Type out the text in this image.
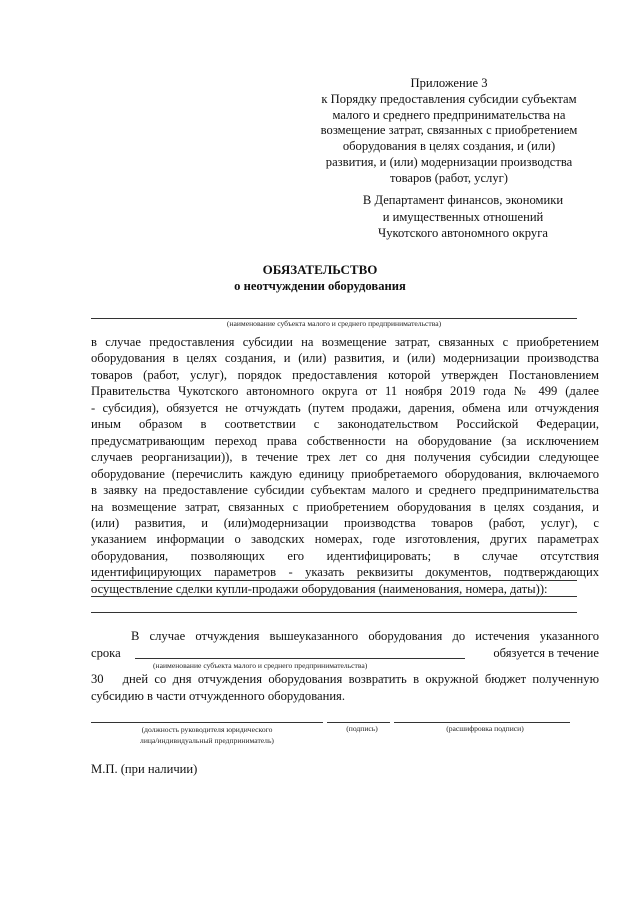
Приложение 3
к Порядку предоставления субсидии субъектам
малого и среднего предпринимательства на
возмещение затрат, связанных с приобретением
оборудования в целях создания, и (или)
развития, и (или) модернизации производства
товаров (работ, услуг)
В Департамент финансов, экономики
и имущественных отношений
Чукотского автономного округа
ОБЯЗАТЕЛЬСТВО
о неотчуждении оборудования
(наименование субъекта малого и среднего предпринимательства)
в случае предоставления субсидии на возмещение затрат, связанных с приобретением
оборудования в целях создания, и (или) развития, и (или) модернизации производства
товаров (работ, услуг), порядок предоставления которой утвержден Постановлением
Правительства Чукотского автономного округа от 11 ноября 2019 года № 499 (далее
- субсидия), обязуется не отчуждать (путем продажи, дарения, обмена или отчуждения
иным образом в соответствии с законодательством Российской Федерации,
предусматривающим переход права собственности на оборудование (за исключением
случаев реорганизации)), в течение трех лет со дня получения субсидии следующее
оборудование (перечислить каждую единицу приобретаемого оборудования, включаемого
в заявку на предоставление субсидии субъектам малого и среднего предпринимательства
на возмещение затрат, связанных с приобретением оборудования в целях создания, и
(или) развития, и (или)модернизации производства товаров (работ, услуг), с
указанием информации о заводских номерах, годе изготовления, других параметрах
оборудования, позволяющих его идентифицировать; в случае отсутствия
идентифицирующих параметров - указать реквизиты документов, подтверждающих
осуществление сделки купли-продажи оборудования (наименования, номера, даты)):
В случае отчуждения вышеуказанного оборудования до истечения указанного
срока	обязуется в течение
(наименование субъекта малого и среднего предпринимательства)
30 дней со дня отчуждения оборудования возвратить в окружной бюджет полученную
субсидию в части отчужденного оборудования.
(должность руководителя юридического
лица/индивидуальный предприниматель)
(подпись)	(расшифровка подписи)
М.П. (при наличии)
